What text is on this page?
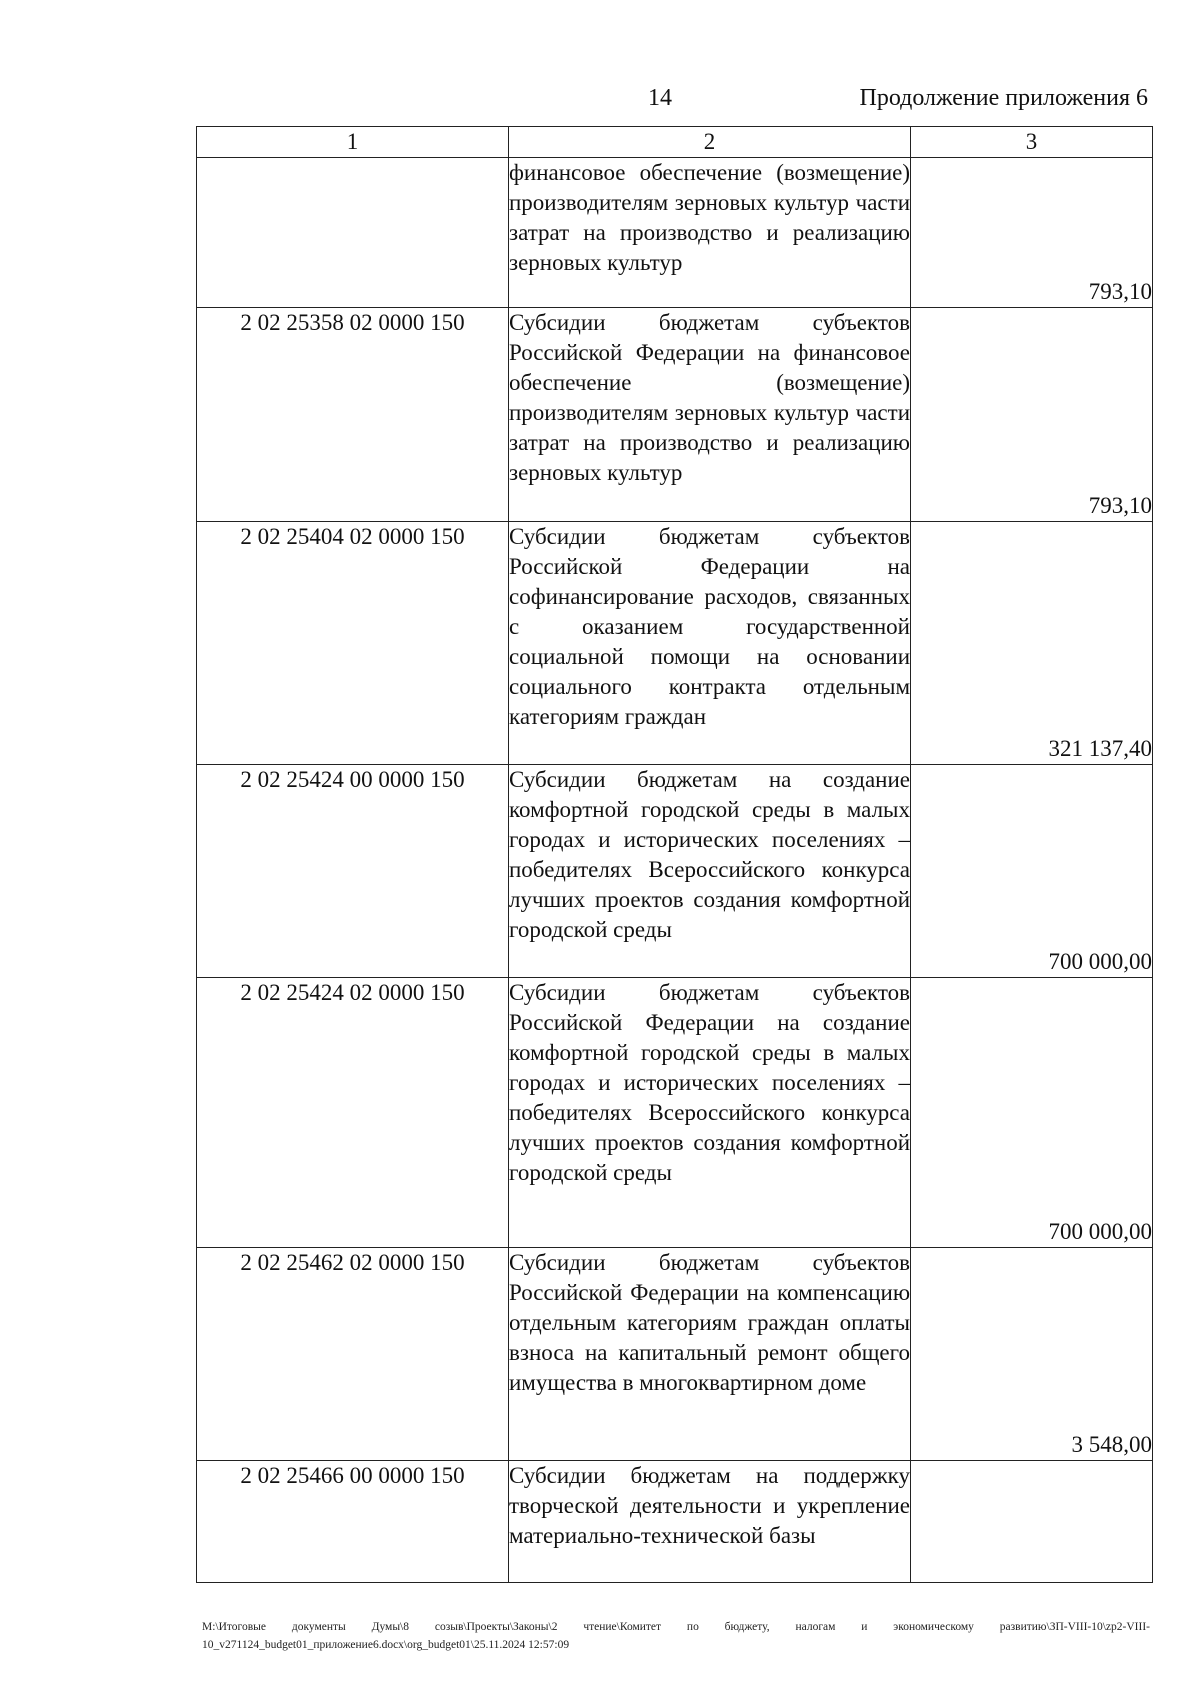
14	Продолжение приложения 6
1	2	3
	финансовое обеспечение (возмещение) производителям зерновых культур части затрат на производство и реализацию зерновых культур	793,10
2 02 25358 02 0000 150	Субсидии бюджетам субъектов Российской Федерации на финансовое обеспечение (возмещение) производителям зерновых культур части затрат на производство и реализацию зерновых культур	793,10
2 02 25404 02 0000 150	Субсидии бюджетам субъектов Российской Федерации на софинансирование расходов, связанных с оказанием государственной социальной помощи на основании социального контракта отдельным категориям граждан	321 137,40
2 02 25424 00 0000 150	Субсидии бюджетам на создание комфортной городской среды в малых городах и исторических поселениях – победителях Всероссийского конкурса лучших проектов создания комфортной городской среды	700 000,00
2 02 25424 02 0000 150	Субсидии бюджетам субъектов Российской Федерации на создание комфортной городской среды в малых городах и исторических поселениях – победителях Всероссийского конкурса лучших проектов создания комфортной городской среды	700 000,00
2 02 25462 02 0000 150	Субсидии бюджетам субъектов Российской Федерации на компенсацию отдельным категориям граждан оплаты взноса на капитальный ремонт общего имущества в многоквартирном доме	3 548,00
2 02 25466 00 0000 150	Субсидии бюджетам на поддержку творческой деятельности и укрепление материально-технической базы	
M:\Итоговые документы Думы\8 созыв\Проекты\Законы\2 чтение\Комитет по бюджету, налогам и экономическому развитию\ЗП-VIII-10\zp2-VIII-10_v271124_budget01_приложение6.docx\org_budget01\25.11.2024 12:57:09
